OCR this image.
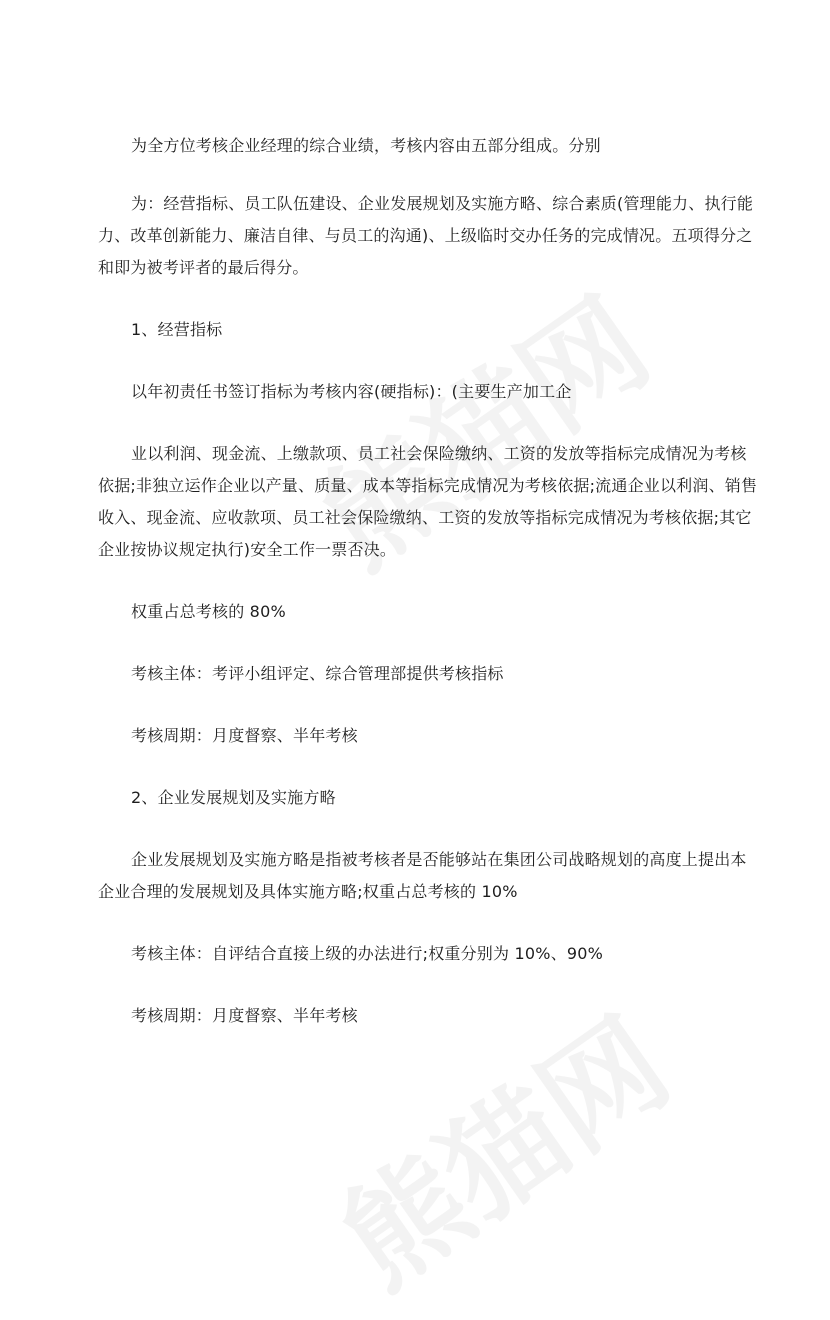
为全方位考核企业经理的综合业绩，考核内容由五部分组成。分别

为：经营指标、员工队伍建设、企业发展规划及实施方略、综合素质(管理能力、执行能力、改革创新能力、廉洁自律、与员工的沟通)、上级临时交办任务的完成情况。五项得分之和即为被考评者的最后得分。

1、经营指标

以年初责任书签订指标为考核内容(硬指标)：(主要生产加工企

业以利润、现金流、上缴款项、员工社会保险缴纳、工资的发放等指标完成情况为考核依据;非独立运作企业以产量、质量、成本等指标完成情况为考核依据;流通企业以利润、销售收入、现金流、应收款项、员工社会保险缴纳、工资的发放等指标完成情况为考核依据;其它企业按协议规定执行)安全工作一票否决。

权重占总考核的 80%

考核主体：考评小组评定、综合管理部提供考核指标

考核周期：月度督察、半年考核

2、企业发展规划及实施方略

企业发展规划及实施方略是指被考核者是否能够站在集团公司战略规划的高度上提出本企业合理的发展规划及具体实施方略;权重占总考核的 10%

考核主体：自评结合直接上级的办法进行;权重分别为 10%、90%

考核周期：月度督察、半年考核
